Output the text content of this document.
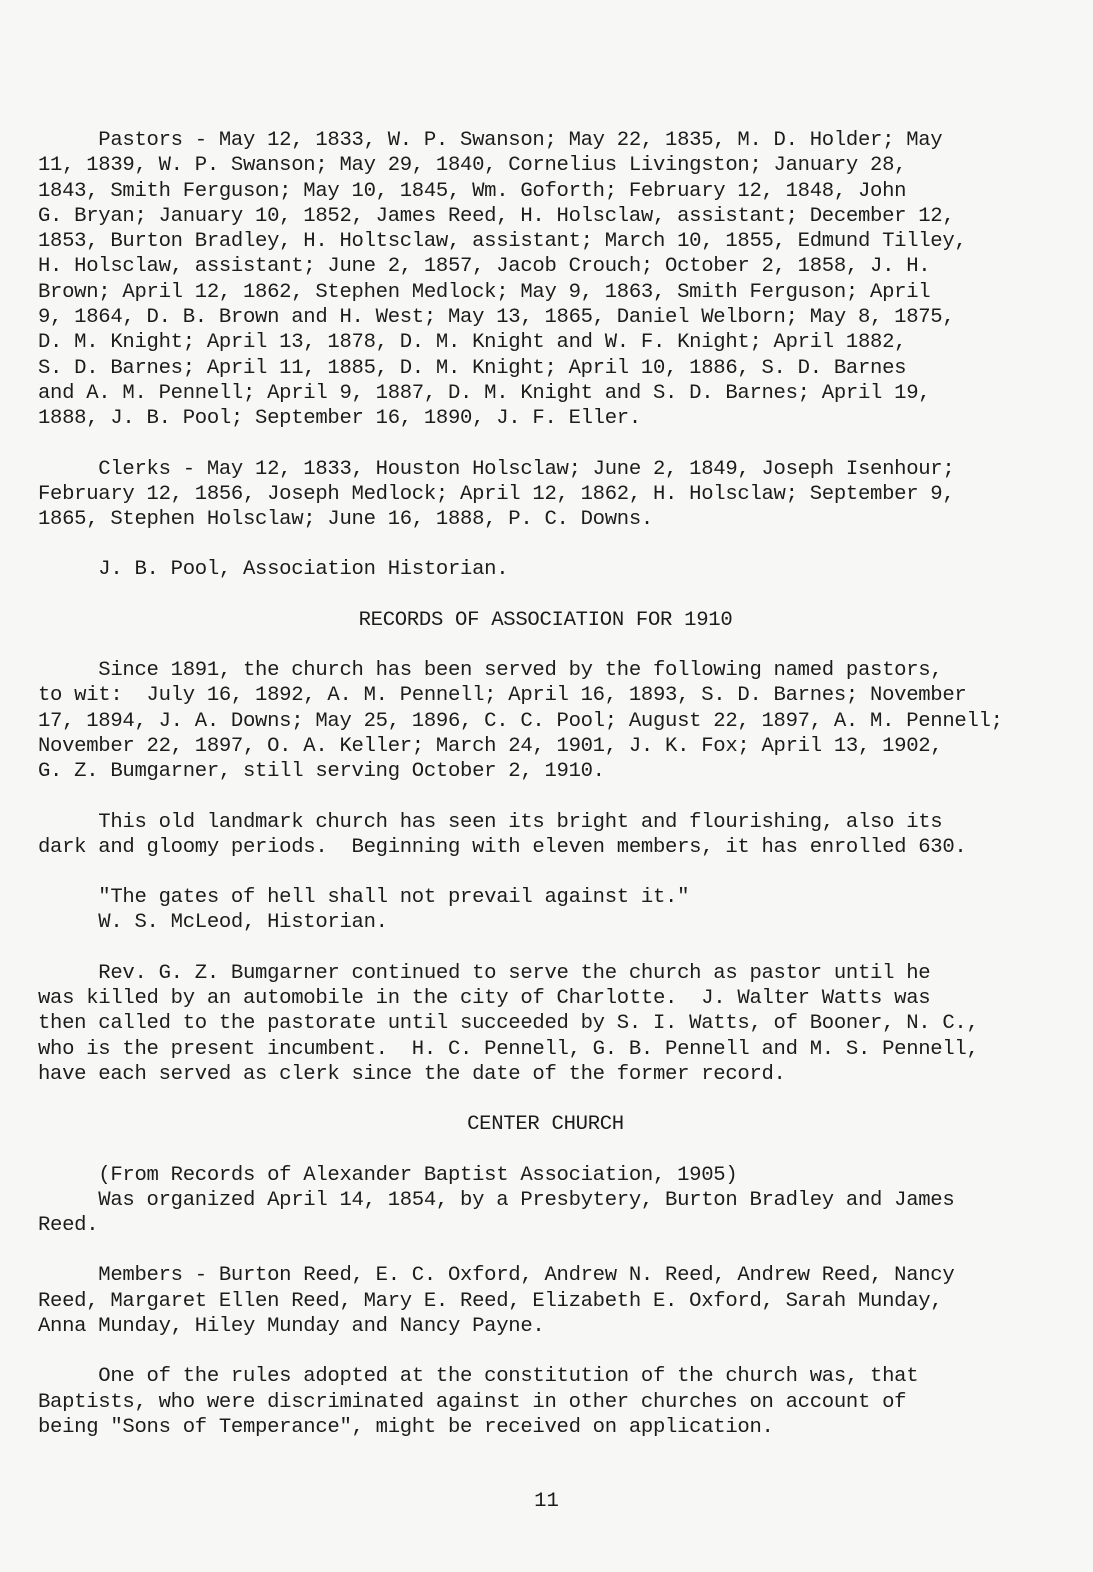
Pastors - May 12, 1833, W. P. Swanson; May 22, 1835, M. D. Holder; May

11, 1839, W. P. Swanson; May 29, 1840, Cornelius Livingston; January 28,

1843, Smith Ferguson; May 10, 1845, Wm. Goforth; February 12, 1848, John

G. Bryan; January 10, 1852, James Reed, H. Holsclaw, assistant; December 12,

1853, Burton Bradley, H. Holtsclaw, assistant; March 10, 1855, Edmund Tilley,

H. Holsclaw, assistant; June 2, 1857, Jacob Crouch; October 2, 1858, J. H.

Brown; April 12, 1862, Stephen Medlock; May 9, 1863, Smith Ferguson; April

9, 1864, D. B. Brown and H. West; May 13, 1865, Daniel Welborn; May 8, 1875,

D. M. Knight; April 13, 1878, D. M. Knight and W. F. Knight; April 1882,

S. D. Barnes; April 11, 1885, D. M. Knight; April 10, 1886, S. D. Barnes

and A. M. Pennell; April 9, 1887, D. M. Knight and S. D. Barnes; April 19,

1888, J. B. Pool; September 16, 1890, J. F. Eller.

Clerks - May 12, 1833, Houston Holsclaw; June 2, 1849, Joseph Isenhour;

February 12, 1856, Joseph Medlock; April 12, 1862, H. Holsclaw; September 9,

1865, Stephen Holsclaw; June 16, 1888, P. C. Downs.

J. B. Pool, Association Historian.

RECORDS OF ASSOCIATION FOR 1910

Since 1891, the church has been served by the following named pastors,

to wit:  July 16, 1892, A. M. Pennell; April 16, 1893, S. D. Barnes; November

17, 1894, J. A. Downs; May 25, 1896, C. C. Pool; August 22, 1897, A. M. Pennell;

November 22, 1897, O. A. Keller; March 24, 1901, J. K. Fox; April 13, 1902,

G. Z. Bumgarner, still serving October 2, 1910.

This old landmark church has seen its bright and flourishing, also its

dark and gloomy periods.  Beginning with eleven members, it has enrolled 630.

"The gates of hell shall not prevail against it."

W. S. McLeod, Historian.

Rev. G. Z. Bumgarner continued to serve the church as pastor until he

was killed by an automobile in the city of Charlotte.  J. Walter Watts was

then called to the pastorate until succeeded by S. I. Watts, of Booner, N. C.,

who is the present incumbent.  H. C. Pennell, G. B. Pennell and M. S. Pennell,

have each served as clerk since the date of the former record.

CENTER CHURCH

(From Records of Alexander Baptist Association, 1905)

Was organized April 14, 1854, by a Presbytery, Burton Bradley and James

Reed.

Members - Burton Reed, E. C. Oxford, Andrew N. Reed, Andrew Reed, Nancy

Reed, Margaret Ellen Reed, Mary E. Reed, Elizabeth E. Oxford, Sarah Munday,

Anna Munday, Hiley Munday and Nancy Payne.

One of the rules adopted at the constitution of the church was, that

Baptists, who were discriminated against in other churches on account of

being "Sons of Temperance", might be received on application.

11
